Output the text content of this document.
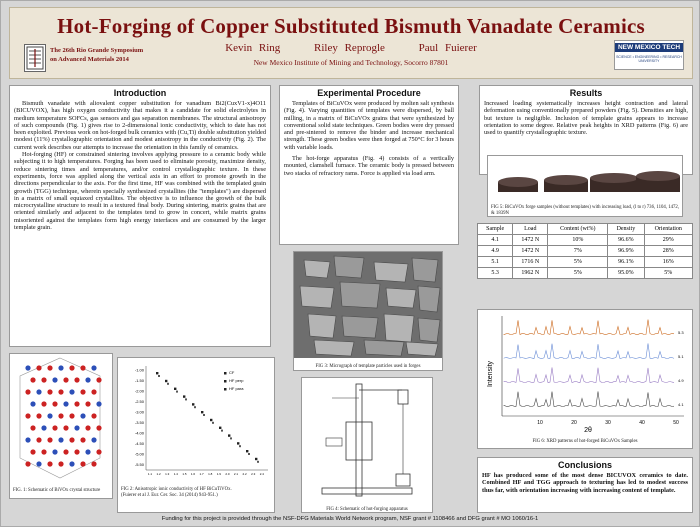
Hot-Forging of Copper Substituted Bismuth Vanadate Ceramics
Kevin Ring	Riley Reprogle	Paul Fuierer
New Mexico Institute of Mining and Technology, Socorro 87801
The 26th Rio Grande Symposium
on Advanced Materials 2014
NEW MEXICO TECH
SCIENCE • ENGINEERING • RESEARCH UNIVERSITY
Introduction

Bismuth vanadate with aliovalent copper substitution for vanadium Bi2(CuxV1-x)4O11 (BICUVOX), has high oxygen conductivity that makes it a candidate for solid electrolytes in medium temperature SOFCs, gas sensors and gas separation membranes. The structural anisotropy of such compounds (Fig. 1) gives rise to 2-dimensional ionic conductivity, which to date has not been exploited. Previous work on hot-forged bulk ceramics with (Cu,Ti) double substitution yielded modest (11%) crystallographic orientation and modest anisotropy in the conductivity (Fig. 2). The current work describes our attempts to increase the orientation in this family of ceramics.

Hot-forging (HF) or constrained sintering involves applying pressure to a ceramic body while subjecting it to high temperatures. Forging has been used to eliminate porosity, maximize density, reduce sintering times and temperatures, and/or control crystallographic texture. In these experiments, force was applied along the vertical axis in an effort to promote growth in the directions perpendicular to the axis. For the first time, HF was combined with the templated grain growth (TGG) technique, wherein specially synthesized crystallites (the "templates") are dispersed in a matrix of small equiaxed crystallites. The objective is to influence the growth of the bulk microcrystalline structure to result in a textured final body. During sintering, matrix grains that are oriented similarly and adjacent to the templates tend to grow in concert, while matrix grains misoriented against the templates form high energy interfaces and are consumed by the larger template grain.

FIG. 1: Schematic of BiVOx crystal structure
-1.00
-1.50
-2.00
-2.50
-3.00
-3.50
-4.00
-4.50
-5.00
-5.50
1.1 1.2 1.3 1.4 1.5 1.6 1.7 1.8 1.9 2.0 2.1 2.2 2.3 2.4
CF
HF perp
HF para
FIG 2: Anisotropic ionic conductivity of HF BiCuTiVOx.
(Fuierer et al J. Eur. Cer. Soc. 34 (2014) 943-951.)
Experimental Procedure

Templates of BiCuVOx were produced by molten salt synthesis (Fig. 4). Varying quantities of templates were dispersed, by ball milling, in a matrix of BiCuVOx grains that were synthesized by conventional solid state techniques. Green bodies were dry pressed and pre-sintered to remove the binder and increase mechanical strength. These green bodies were then forged at 750°C for 3 hours with variable loads.

The hot-forge apparatus (Fig. 4) consists of a vertically mounted, clamshell furnace. The ceramic body is pressed between two stacks of refractory rams. Force is applied via load arm.

FIG 3: Micrograph of template particles used in forges
FIG 4: Schematic of hot-forging apparatus
Results

Increased loading systematically increases height contraction and lateral deformation using conventionally prepared powders (Fig. 5). Densities are high, but texture is negligible. Inclusion of template grains appears to increase orientation to some degree. Relative peak heights in XRD patterns (Fig. 6) are used to quantify crystallographic texture.

FIG 5: BiCuVOx forge samples (without templates) with increasing load, (l to r) 736, 1104, 1472, & 1839N
Sample	Load	Content (wt%)	Density	Orientation
4.1	1472 N	10%	96.6%	29%
4.9	1472 N	7%	96.9%	28%
5.1	1716 N	5%	96.1%	16%
5.3	1962 N	5%	95.0%	5%
Intensity
10	20	30	40	50
2θ
5.3
5.1
4.9
4.1
FIG 6: XRD patterns of hot-forged BiCuVOx Samples
Conclusions

HF has produced some of the most dense BICUVOX ceramics to date. Combined HF and TGG approach to texturing has led to modest success thus far, with orientation increasing with increasing content of template.

Funding for this project is provided through the NSF-DFG Materials World Network program, NSF grant # 1108466 and DFG grant # MO 1060/16-1
